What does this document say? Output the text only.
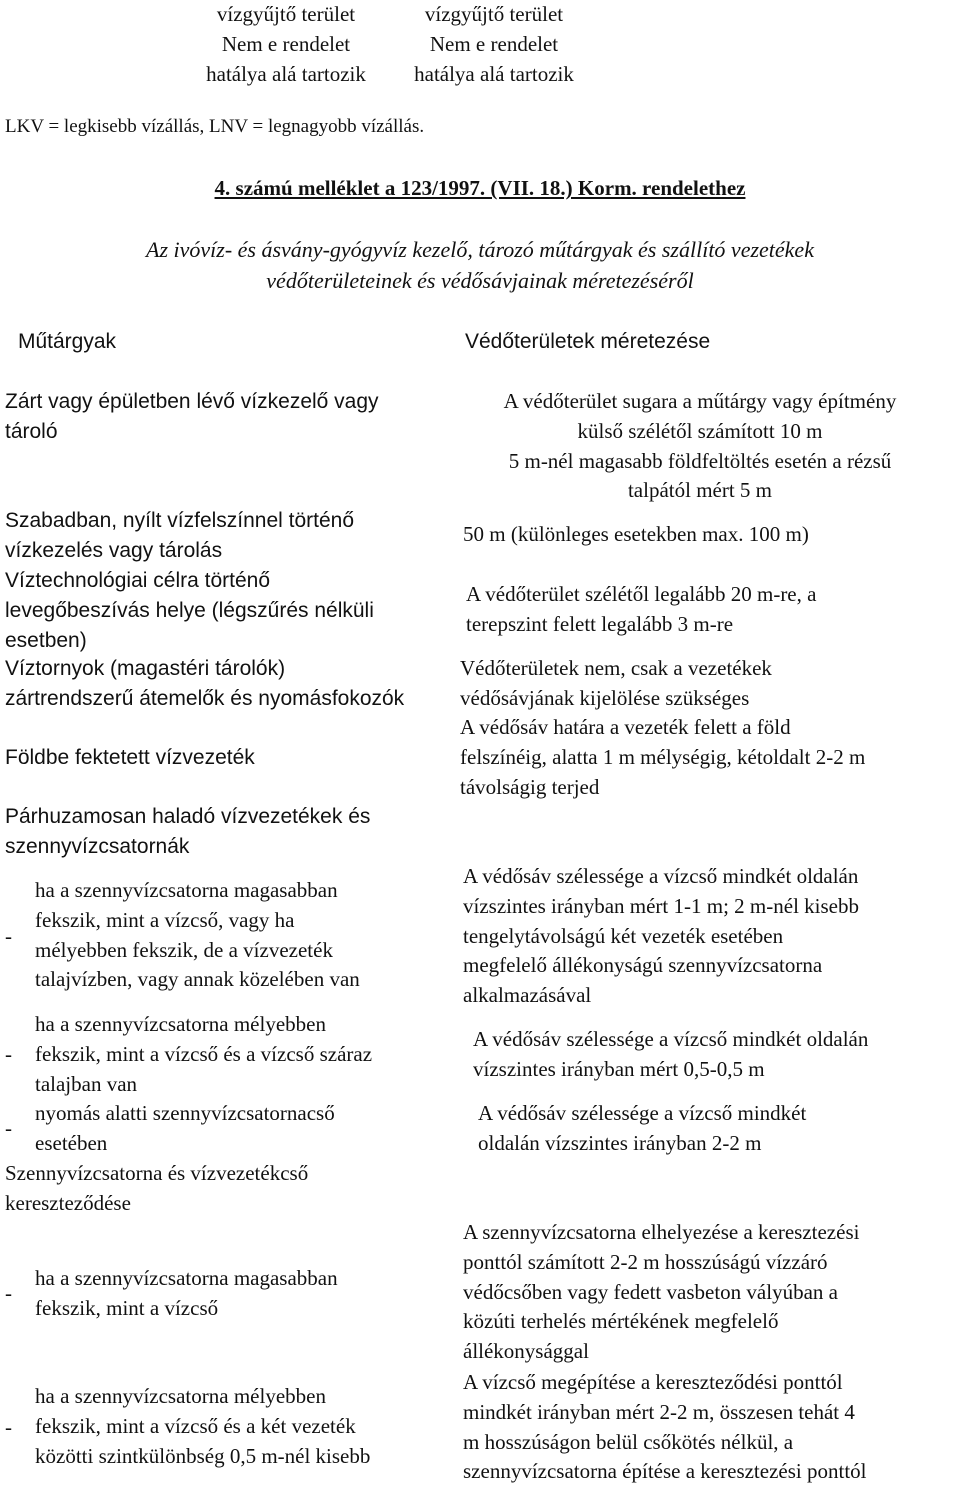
vízgyűjtő terület
Nem e rendelet
hatálya alá tartozik
vízgyűjtő terület
Nem e rendelet
hatálya alá tartozik
LKV = legkisebb vízállás, LNV = legnagyobb vízállás.
4. számú melléklet a 123/1997. (VII. 18.) Korm. rendelethez
Az ivóvíz- és ásvány-gyógyvíz kezelő, tározó műtárgyak és szállító vezetékek
védőterületeinek és védősávjainak méretezéséről
Műtárgyak	Védőterületek méretezése
Zárt vagy épületben lévő vízkezelő vagy
tároló
A védőterület sugara a műtárgy vagy építmény
külső szélétől számított 10 m
5 m-nél magasabb földfeltöltés esetén a rézsű
talpától mért 5 m
Szabadban, nyílt vízfelszínnel történő
vízkezelés vagy tárolás
50 m (különleges esetekben max. 100 m)
Víztechnológiai célra történő
levegőbeszívás helye (légszűrés nélküli
esetben)
A védőterület szélétől legalább 20 m-re, a
terepszint felett legalább 3 m-re
Víztornyok (magastéri tárolók)
zártrendszerű átemelők és nyomásfokozók
Védőterületek nem, csak a vezetékek
védősávjának kijelölése szükséges
Földbe fektetett vízvezeték
A védősáv határa a vezeték felett a föld
felszínéig, alatta 1 m mélységig, kétoldalt 2-2 m
távolságig terjed
Párhuzamosan haladó vízvezetékek és
szennyvízcsatornák
-
ha a szennyvízcsatorna magasabban
fekszik, mint a vízcső, vagy ha
mélyebben fekszik, de a vízvezeték
talajvízben, vagy annak közelében van
A védősáv szélessége a vízcső mindkét oldalán
vízszintes irányban mért 1-1 m; 2 m-nél kisebb
tengelytávolságú két vezeték esetében
megfelelő állékonyságú szennyvízcsatorna
alkalmazásával
-
ha a szennyvízcsatorna mélyebben
fekszik, mint a vízcső és a vízcső száraz
talajban van
A védősáv szélessége a vízcső mindkét oldalán
vízszintes irányban mért 0,5-0,5 m
-
nyomás alatti szennyvízcsatornacső
esetében
A védősáv szélessége a vízcső mindkét
oldalán vízszintes irányban 2-2 m
Szennyvízcsatorna és vízvezetékcső
kereszteződése
-
ha a szennyvízcsatorna magasabban
fekszik, mint a vízcső
A szennyvízcsatorna elhelyezése a keresztezési
ponttól számított 2-2 m hosszúságú vízzáró
védőcsőben vagy fedett vasbeton vályúban a
közúti terhelés mértékének megfelelő
állékonysággal
-
ha a szennyvízcsatorna mélyebben
fekszik, mint a vízcső és a két vezeték
közötti szintkülönbség 0,5 m-nél kisebb
A vízcső megépítése a kereszteződési ponttól
mindkét irányban mért 2-2 m, összesen tehát 4
m hosszúságon belül csőkötés nélkül, a
szennyvízcsatorna építése a keresztezési ponttól
